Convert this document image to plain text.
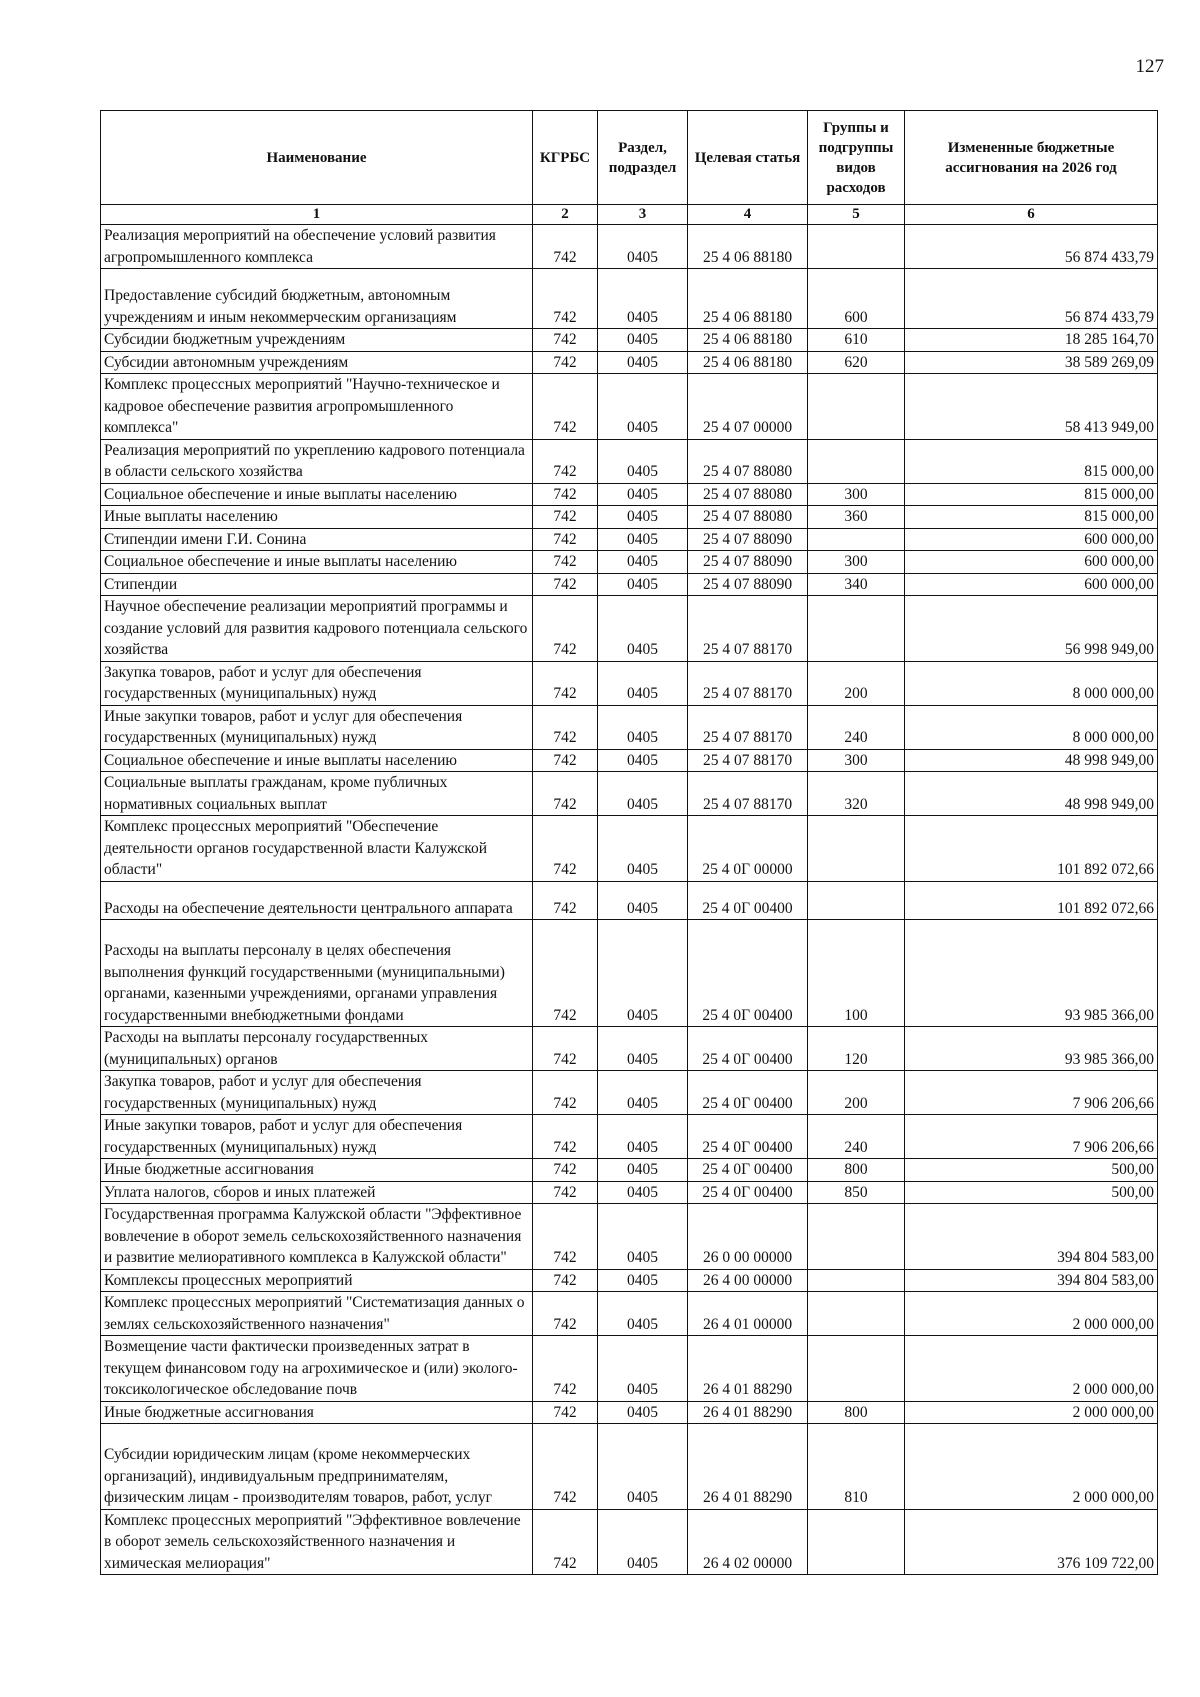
127
Наименование	КГРБС	Раздел, подраздел	Целевая статья	Группы и подгруппы видов расходов	Измененные бюджетные ассигнования на 2026 год
1	2	3	4	5	6
Реализация мероприятий на обеспечение условий развития агропромышленного комплекса	742	0405	25 4 06 88180		56 874 433,79
Предоставление субсидий бюджетным, автономным учреждениям и иным некоммерческим организациям	742	0405	25 4 06 88180	600	56 874 433,79
Субсидии бюджетным учреждениям	742	0405	25 4 06 88180	610	18 285 164,70
Субсидии автономным учреждениям	742	0405	25 4 06 88180	620	38 589 269,09
Комплекс процессных мероприятий "Научно-техническое и кадровое обеспечение развития агропромышленного комплекса"	742	0405	25 4 07 00000		58 413 949,00
Реализация мероприятий по укреплению кадрового потенциала в области сельского хозяйства	742	0405	25 4 07 88080		815 000,00
Социальное обеспечение и иные выплаты населению	742	0405	25 4 07 88080	300	815 000,00
Иные выплаты населению	742	0405	25 4 07 88080	360	815 000,00
Стипендии имени Г.И. Сонина	742	0405	25 4 07 88090		600 000,00
Социальное обеспечение и иные выплаты населению	742	0405	25 4 07 88090	300	600 000,00
Стипендии	742	0405	25 4 07 88090	340	600 000,00
Научное обеспечение реализации мероприятий программы и создание условий для развития кадрового потенциала сельского хозяйства	742	0405	25 4 07 88170		56 998 949,00
Закупка товаров, работ и услуг для обеспечения государственных (муниципальных) нужд	742	0405	25 4 07 88170	200	8 000 000,00
Иные закупки товаров, работ и услуг для обеспечения государственных (муниципальных) нужд	742	0405	25 4 07 88170	240	8 000 000,00
Социальное обеспечение и иные выплаты населению	742	0405	25 4 07 88170	300	48 998 949,00
Социальные выплаты гражданам, кроме публичных нормативных социальных выплат	742	0405	25 4 07 88170	320	48 998 949,00
Комплекс процессных мероприятий "Обеспечение деятельности органов государственной власти Калужской области"	742	0405	25 4 0Г 00000		101 892 072,66
Расходы на обеспечение деятельности центрального аппарата	742	0405	25 4 0Г 00400		101 892 072,66
Расходы на выплаты персоналу в целях обеспечения выполнения функций государственными (муниципальными) органами, казенными учреждениями, органами управления государственными внебюджетными фондами	742	0405	25 4 0Г 00400	100	93 985 366,00
Расходы на выплаты персоналу государственных (муниципальных) органов	742	0405	25 4 0Г 00400	120	93 985 366,00
Закупка товаров, работ и услуг для обеспечения государственных (муниципальных) нужд	742	0405	25 4 0Г 00400	200	7 906 206,66
Иные закупки товаров, работ и услуг для обеспечения государственных (муниципальных) нужд	742	0405	25 4 0Г 00400	240	7 906 206,66
Иные бюджетные ассигнования	742	0405	25 4 0Г 00400	800	500,00
Уплата налогов, сборов и иных платежей	742	0405	25 4 0Г 00400	850	500,00
Государственная программа Калужской области "Эффективное вовлечение в оборот земель сельскохозяйственного назначения и развитие мелиоративного комплекса в Калужской области"	742	0405	26 0 00 00000		394 804 583,00
Комплексы процессных мероприятий	742	0405	26 4 00 00000		394 804 583,00
Комплекс процессных мероприятий "Систематизация данных о землях сельскохозяйственного назначения"	742	0405	26 4 01 00000		2 000 000,00
Возмещение части фактически произведенных затрат в текущем финансовом году на агрохимическое и (или) эколого-токсикологическое обследование почв	742	0405	26 4 01 88290		2 000 000,00
Иные бюджетные ассигнования	742	0405	26 4 01 88290	800	2 000 000,00
Субсидии юридическим лицам (кроме некоммерческих организаций), индивидуальным предпринимателям, физическим лицам - производителям товаров, работ, услуг	742	0405	26 4 01 88290	810	2 000 000,00
Комплекс процессных мероприятий "Эффективное вовлечение в оборот земель сельскохозяйственного назначения и химическая мелиорация"	742	0405	26 4 02 00000		376 109 722,00
